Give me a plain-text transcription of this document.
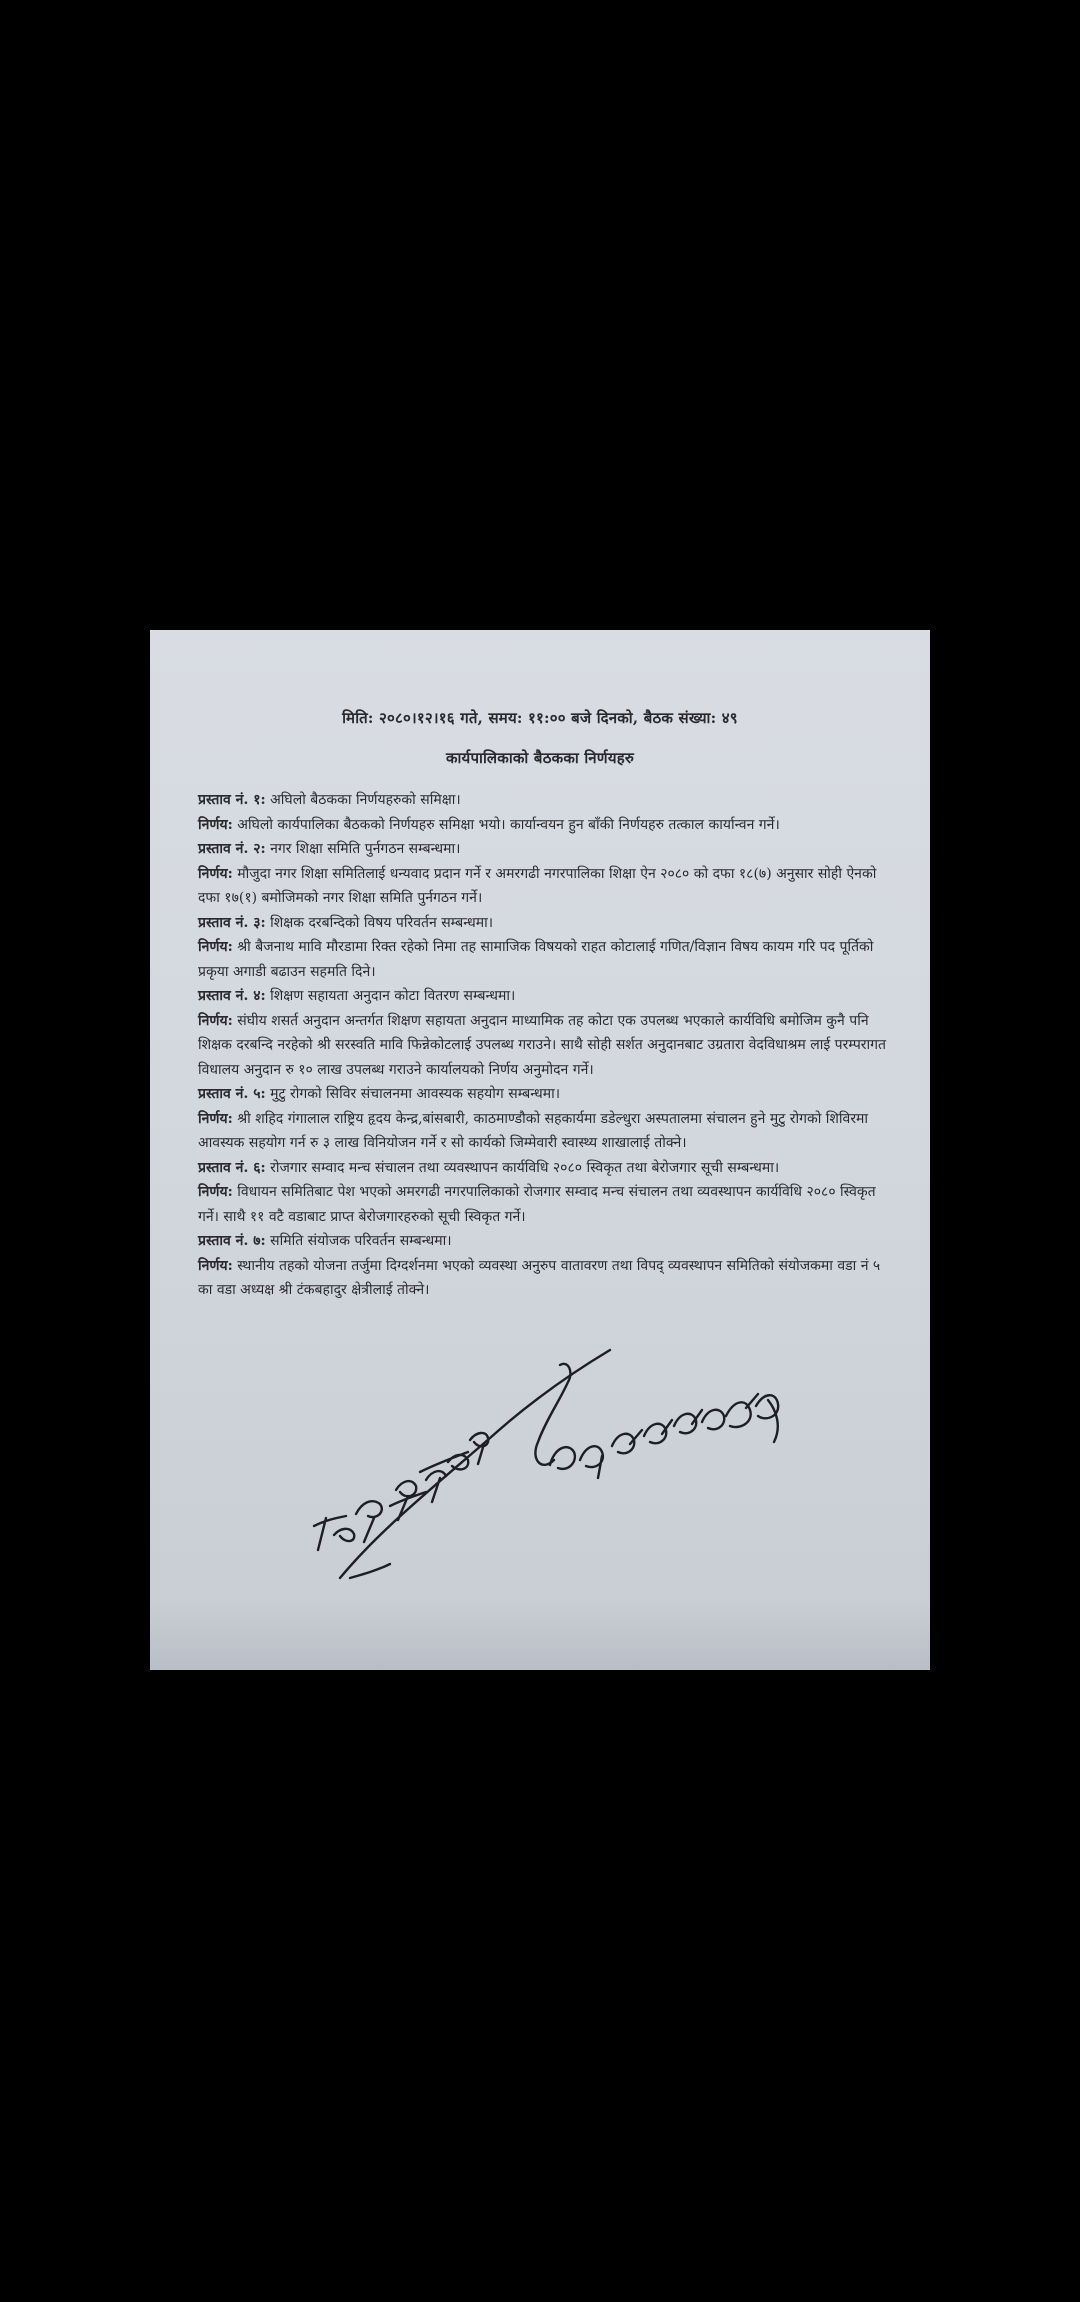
मिति: २०८०।१२।१६ गते, समय: ११:०० बजे दिनको, बैठक संख्या: ४९
कार्यपालिकाको बैठकका निर्णयहरु

प्रस्ताव नं. १: अघिलो बैठकका निर्णयहरुको समिक्षा।

निर्णय: अघिलो कार्यपालिका बैठकको निर्णयहरु समिक्षा भयो। कार्यान्वयन हुन बाँकी निर्णयहरु तत्काल कार्यान्वन गर्ने।

प्रस्ताव नं. २: नगर शिक्षा समिति पुर्नगठन सम्बन्धमा।

निर्णय: मौजुदा नगर शिक्षा समितिलाई धन्यवाद प्रदान गर्ने र अमरगढी नगरपालिका शिक्षा ऐन २०८० को दफा १८(७) अनुसार सोही ऐनको दफा १७(१) बमोजिमको नगर शिक्षा समिति पुर्नगठन गर्ने।

प्रस्ताव नं. ३: शिक्षक दरबन्दिको विषय परिवर्तन सम्बन्धमा।

निर्णय: श्री बैजनाथ मावि मौरडामा रिक्त रहेको निमा तह सामाजिक विषयको राहत कोटालाई गणित/विज्ञान विषय कायम गरि पद पूर्तिको प्रकृया अगाडी बढाउन सहमति दिने।

प्रस्ताव नं. ४: शिक्षण सहायता अनुदान कोटा वितरण सम्बन्धमा।

निर्णय: संघीय शसर्त अनुदान अन्तर्गत शिक्षण सहायता अनुदान माध्यामिक तह कोटा एक उपलब्ध भएकाले कार्यविधि बमोजिम कुनै पनि शिक्षक दरबन्दि नरहेको श्री सरस्वति मावि फिन्नेकोटलाई उपलब्ध गराउने। साथै सोही सर्शत अनुदानबाट उग्रतारा वेदविधाश्रम लाई परम्परागत विधालय अनुदान रु १० लाख उपलब्ध गराउने कार्यालयको निर्णय अनुमोदन गर्ने।

प्रस्ताव नं. ५: मुटु रोगको सिविर संचालनमा आवस्यक सहयोग सम्बन्धमा।

निर्णय: श्री शहिद गंगालाल राष्ट्रिय हृदय केन्द्र,बांसबारी, काठमाण्डौको सहकार्यमा डडेल्धुरा अस्पतालमा संचालन हुने मुटु रोगको शिविरमा आवस्यक सहयोग गर्न रु ३ लाख विनियोजन गर्ने र सो कार्यको जिम्मेवारी स्वास्थ्य शाखालाई तोक्ने।

प्रस्ताव नं. ६: रोजगार सम्वाद मन्च संचालन तथा व्यवस्थापन कार्यविधि २०८० स्विकृत तथा बेरोजगार सूची सम्बन्धमा।

निर्णय: विधायन समितिबाट पेश भएको अमरगढी नगरपालिकाको रोजगार सम्वाद मन्च संचालन तथा व्यवस्थापन कार्यविधि २०८० स्विकृत गर्ने। साथै ११ वटै वडाबाट प्राप्त बेरोजगारहरुको सूची स्विकृत गर्ने।

प्रस्ताव नं. ७: समिति संयोजक परिवर्तन सम्बन्धमा।

निर्णय: स्थानीय तहको योजना तर्जुमा दिग्दर्शनमा भएको व्यवस्था अनुरुप वातावरण तथा विपद् व्यवस्थापन समितिको संयोजकमा वडा नं ५ का वडा अध्यक्ष श्री टंकबहादुर क्षेत्रीलाई तोक्ने।
